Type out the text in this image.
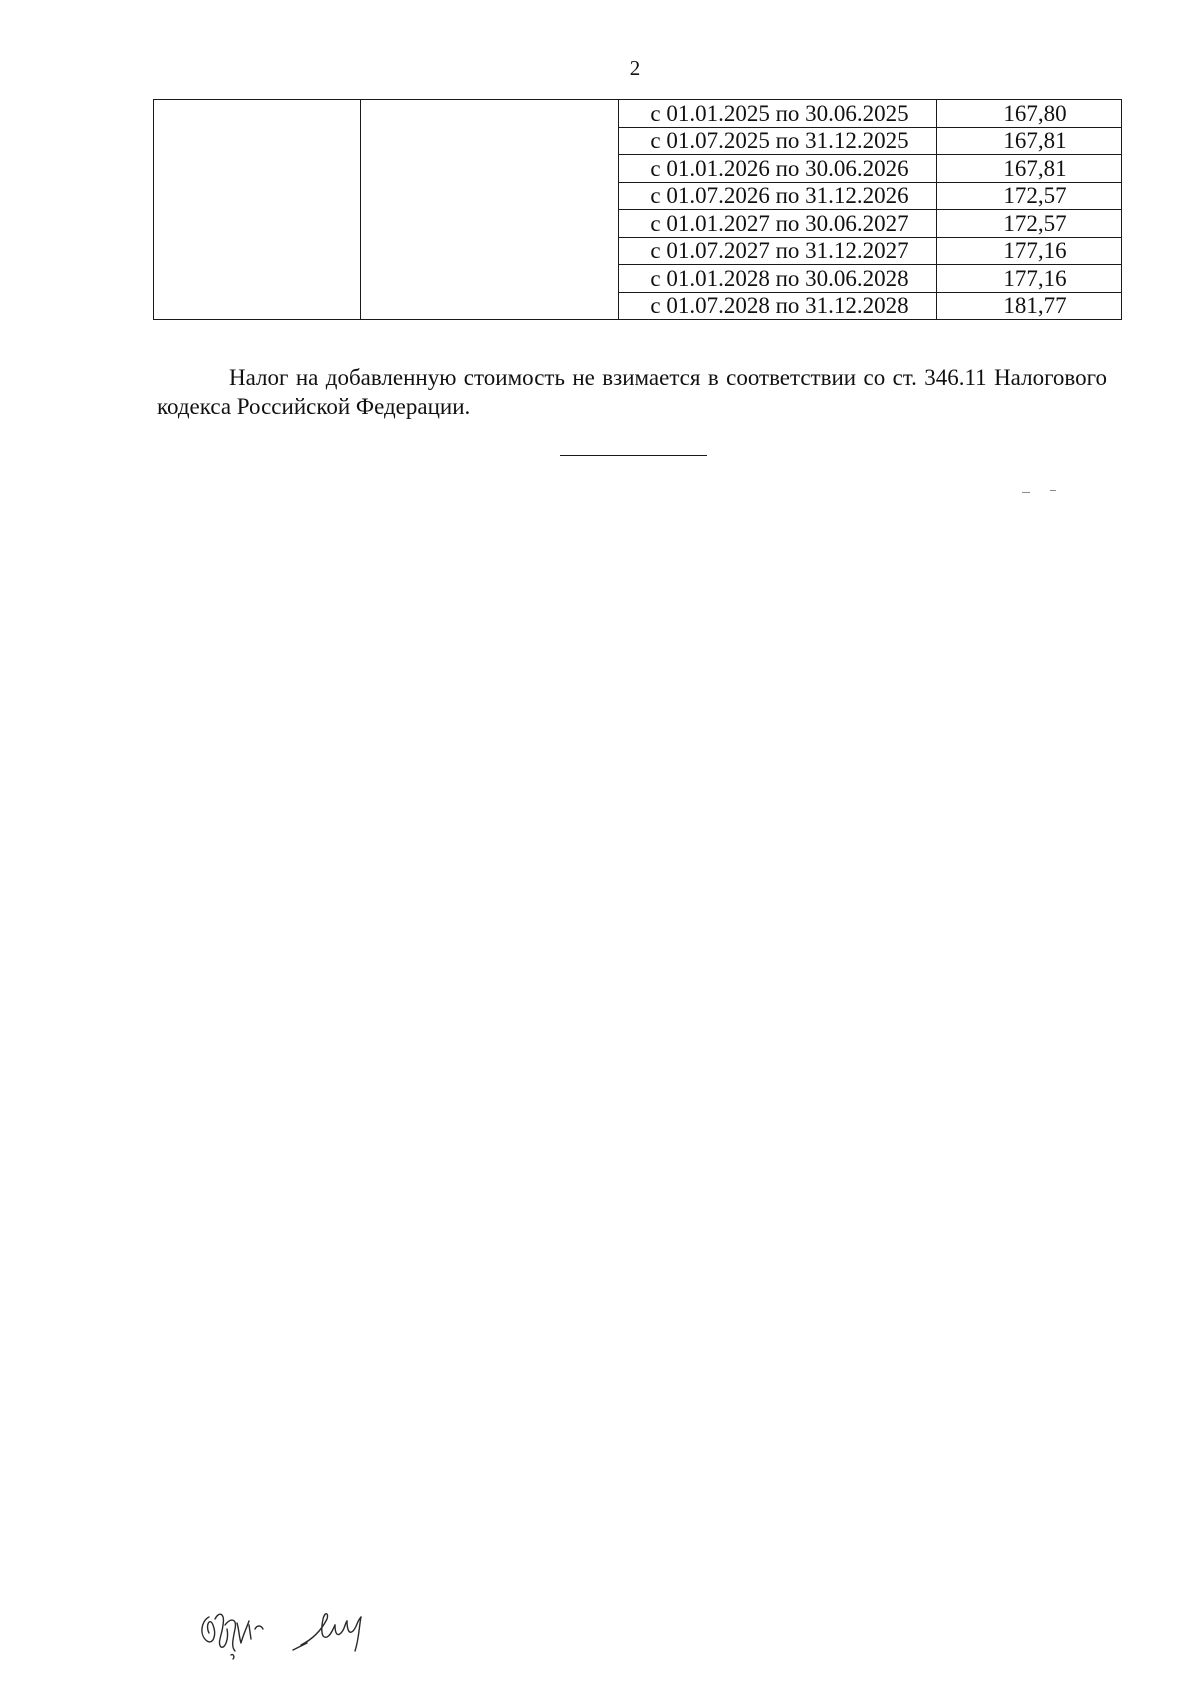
2
		с 01.01.2025 по 30.06.2025	167,80
		с 01.07.2025 по 31.12.2025	167,81
		с 01.01.2026 по 30.06.2026	167,81
		с 01.07.2026 по 31.12.2026	172,57
		с 01.01.2027 по 30.06.2027	172,57
		с 01.07.2027 по 31.12.2027	177,16
		с 01.01.2028 по 30.06.2028	177,16
		с 01.07.2028 по 31.12.2028	181,77

Налог на добавленную стоимость не взимается в соответствии со ст. 346.11 Налогового кодекса Российской Федерации.
